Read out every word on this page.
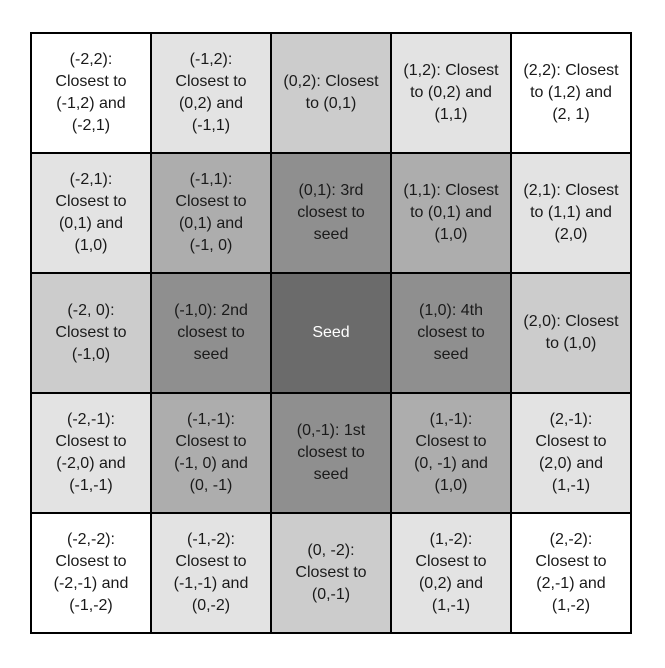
(-2,2):
Closest to
(-1,2) and
(-2,1)
(-1,2):
Closest to
(0,2) and
(-1,1)
(0,2): Closest
to (0,1)
(1,2): Closest
to (0,2) and
(1,1)
(2,2): Closest
to (1,2) and
(2, 1)
(-2,1):
Closest to
(0,1) and
(1,0)
(-1,1):
Closest to
(0,1) and
(-1, 0)
(0,1): 3rd
closest to
seed
(1,1): Closest
to (0,1) and
(1,0)
(2,1): Closest
to (1,1) and
(2,0)
(-2, 0):
Closest to
(-1,0)
(-1,0): 2nd
closest to
seed
Seed
(1,0): 4th
closest to
seed
(2,0): Closest
to (1,0)
(-2,-1):
Closest to
(-2,0) and
(-1,-1)
(-1,-1):
Closest to
(-1, 0) and
(0, -1)
(0,-1): 1st
closest to
seed
(1,-1):
Closest to
(0, -1) and
(1,0)
(2,-1):
Closest to
(2,0) and
(1,-1)
(-2,-2):
Closest to
(-2,-1) and
(-1,-2)
(-1,-2):
Closest to
(-1,-1) and
(0,-2)
(0, -2):
Closest to
(0,-1)
(1,-2):
Closest to
(0,2) and
(1,-1)
(2,-2):
Closest to
(2,-1) and
(1,-2)
